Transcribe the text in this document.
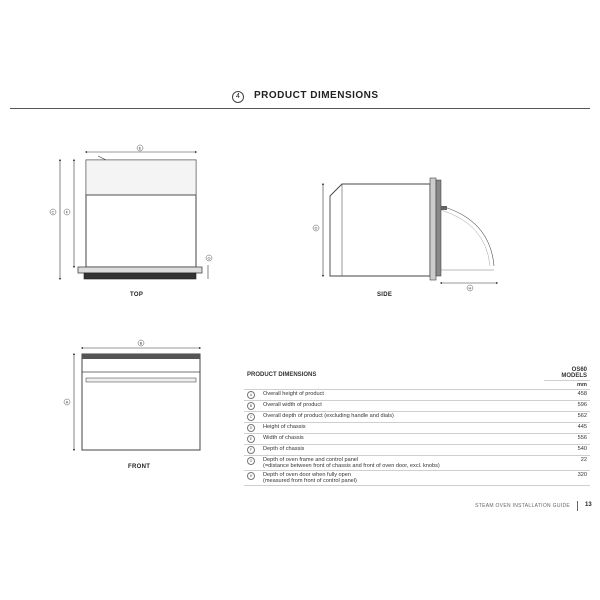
4	PRODUCT DIMENSIONS
E
C	F
G
D
H
B
A
TOP	SIDE
FRONT
PRODUCT DIMENSIONS		OS60 MODELS
		mm
A	Overall height of product	458
B	Overall width of product	596
C	Overall depth of product (excluding handle and dials)	562
D	Height of chassis	445
E	Width of chassis	556
F	Depth of chassis	540
G	Depth of oven frame and control panel
(=distance between front of chassis and front of oven door, excl. knobs)	22
H	Depth of oven door when fully open
(measured from front of control panel)	320
STEAM OVEN INSTALLATION GUIDE	13
